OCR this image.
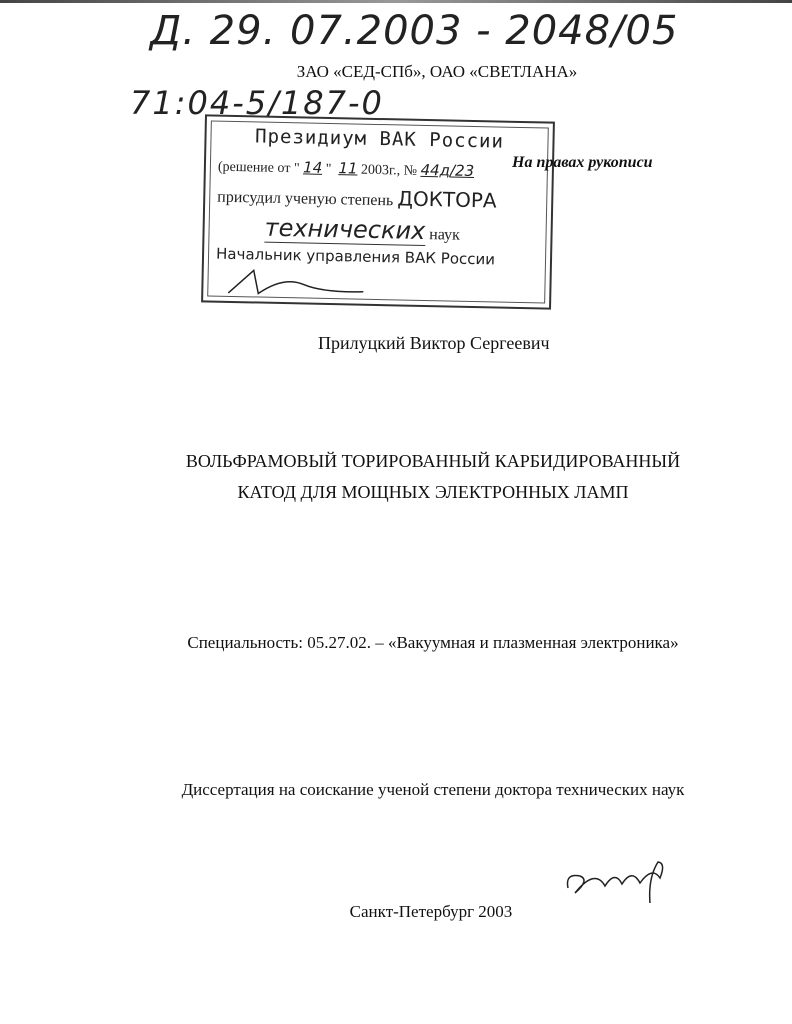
Д. 29. 07.2003 - 2048/05
ЗАО «СЕД-СПб», ОАО «СВЕТЛАНА»
71:04-5/187-0
Президиум ВАК России
(решение от " 14 "  11 2003г., № 44д/23
присудил ученую степень ДОКТОРА
технических наук
Начальник управления ВАК России
На правах рукописи
Прилуцкий Виктор Сергеевич
ВОЛЬФРАМОВЫЙ ТОРИРОВАННЫЙ КАРБИДИРОВАННЫЙ
КАТОД ДЛЯ МОЩНЫХ ЭЛЕКТРОННЫХ ЛАМП
Специальность: 05.27.02. – «Вакуумная и плазменная электроника»
Диссертация на соискание ученой степени доктора технических наук
Санкт-Петербург 2003
